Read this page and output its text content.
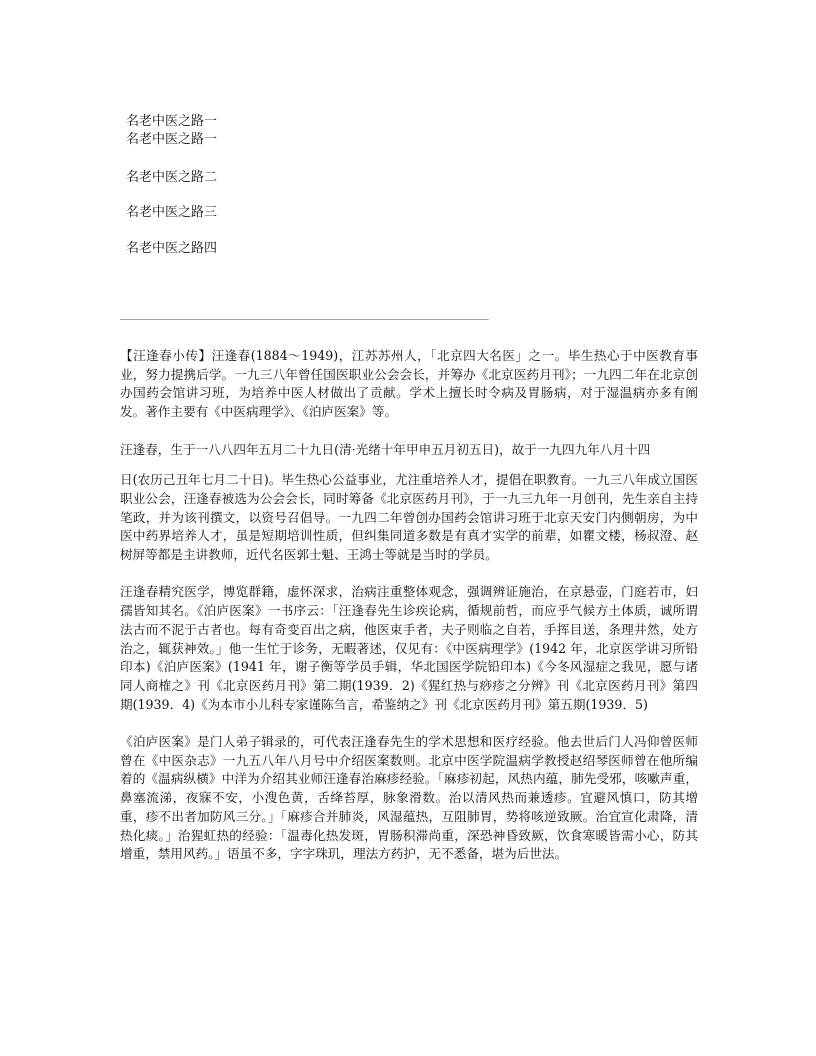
名老中医之路一
名老中医之路一
名老中医之路二
名老中医之路三
名老中医之路四
————————————————————————————————————————————————————————————————————————

【汪逢春小传】汪逢春(1884～1949)，江苏苏州人，「北京四大名医」之一。毕生热心于中医教育事业，努力提携后学。一九三八年曾任国医职业公会会长，并筹办《北京医药月刊》；一九四二年在北京创办国药会馆讲习班，为培养中医人材做出了贡献。学术上擅长时令病及胃肠病，对于湿温病亦多有阐发。著作主要有《中医病理学》、《泊庐医案》等。

汪逢春，生于一八八四年五月二十九日(清·光绪十年甲申五月初五日)，故于一九四九年八月十四

日(农历己丑年七月二十日)。毕生热心公益事业，尤注重培养人才，提倡在职教育。一九三八年成立国医职业公会，汪逢春被选为公会会长，同时筹备《北京医药月刊》，于一九三九年一月创刊，先生亲自主持笔政，并为该刊撰文，以资号召倡导。一九四二年曾创办国药会馆讲习班于北京天安门内侧朝房，为中医中药界培养人才，虽是短期培训性质，但纠集同道多数是有真才实学的前辈，如瞿文楼，杨叔澄、赵树屏等都是主讲教师，近代名医郭士魁、王鸿士等就是当时的学员。

汪逢春精究医学，博览群籍，虚怀深求，治病注重整体观念，强调辨证施治，在京悬壶，门庭若市，妇孺皆知其名。《泊庐医案》一书序云：「汪逢春先生诊疾论病，循规前哲，而应乎气候方土体质，诚所谓法古而不泥于古者也。每有奇变百出之病，他医束手者，夫子则临之自若，手挥目送，条理井然，处方治之，辄获神效。」他一生忙于诊务，无暇著述，仅见有：《中医病理学》(1942 年，北京医学讲习所铅印本)《泊庐医案》(1941 年，谢子衡等学员手辑，华北国医学院铅印本)《今冬风湿症之我见，愿与诸同人商榷之》刊《北京医药月刊》第二期(1939．2)《猩红热与痧疹之分辨》刊《北京医药月刊》第四期(1939．4)《为本市小儿科专家谨陈刍言，希鉴纳之》刊《北京医药月刊》第五期(1939．5)

《泊庐医案》是门人弟子辑录的，可代表汪逢春先生的学术思想和医疗经验。他去世后门人冯仰曾医师曾在《中医杂志》一九五八年八月号中介绍医案数则。北京中医学院温病学教授赵绍琴医师曾在他所编着的《温病纵横》中洋为介绍其业师汪逢春治麻疹经验。「麻疹初起，风热内蕴，肺先受邪，咳嗽声重，鼻塞流涕，夜寐不安，小溲色黄，舌绛苔厚，脉象滑数。治以清风热而兼透疹。宜避风慎口，防其增重，疹不出者加防风三分。」「麻疹合并肺炎，风湿蕴热，互阻肺胃，势将咳逆致厥。治宜宣化肃降，清热化痰。」治猩虹热的经验：「温毒化热发斑，胃肠积滞尚重，深恐神昏致厥，饮食寒暖皆需小心，防其增重，禁用风药。」语虽不多，字字珠玑，理法方药护，无不悉备，堪为后世法。
